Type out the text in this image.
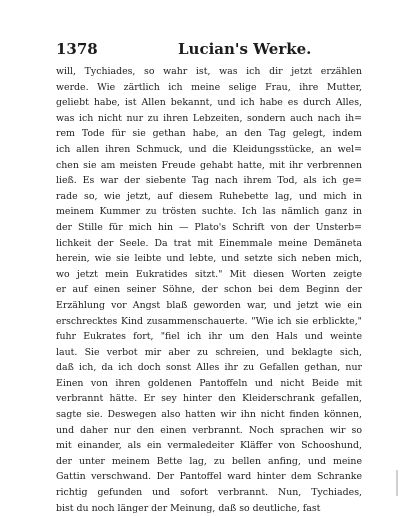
1378	Lucian's Werke.
will, Tychiades, so wahr ist, was ich dir jetzt erzählen
werde. Wie zärtlich ich meine selige Frau, ihre Mutter,
geliebt habe, ist Allen bekannt, und ich habe es durch Alles,
was ich nicht nur zu ihren Lebzeiten, sondern auch nach ih=
rem Tode für sie gethan habe, an den Tag gelegt, indem
ich allen ihren Schmuck, und die Kleidungsstücke, an wel=
chen sie am meisten Freude gehabt hatte, mit ihr verbrennen
ließ. Es war der siebente Tag nach ihrem Tod, als ich ge=
rade so, wie jetzt, auf diesem Ruhebette lag, und mich in
meinem Kummer zu trösten suchte. Ich las nämlich ganz in
der Stille für mich hin — Plato's Schrift von der Unsterb=
lichkeit der Seele. Da trat mit Einemmale meine Demäneta
herein, wie sie leibte und lebte, und setzte sich neben mich,
wo jetzt mein Eukratides sitzt." Mit diesen Worten zeigte
er auf einen seiner Söhne, der schon bei dem Beginn der
Erzählung vor Angst blaß geworden war, und jetzt wie ein
erschrecktes Kind zusammenschauerte. "Wie ich sie erblickte,"
fuhr Eukrates fort, "fiel ich ihr um den Hals und weinte
laut. Sie verbot mir aber zu schreien, und beklagte sich,
daß ich, da ich doch sonst Alles ihr zu Gefallen gethan, nur
Einen von ihren goldenen Pantoffeln und nicht Beide mit
verbrannt hätte. Er sey hinter den Kleiderschrank gefallen,
sagte sie. Deswegen also hatten wir ihn nicht finden können,
und daher nur den einen verbrannt. Noch sprachen wir so
mit einander, als ein vermaledeiter Kläffer von Schooshund,
der unter meinem Bette lag, zu bellen anfing, und meine
Gattin verschwand. Der Pantoffel ward hinter dem Schranke
richtig gefunden und sofort verbrannt. Nun, Tychiades,
bist du noch länger der Meinung, daß so deutliche, fast
